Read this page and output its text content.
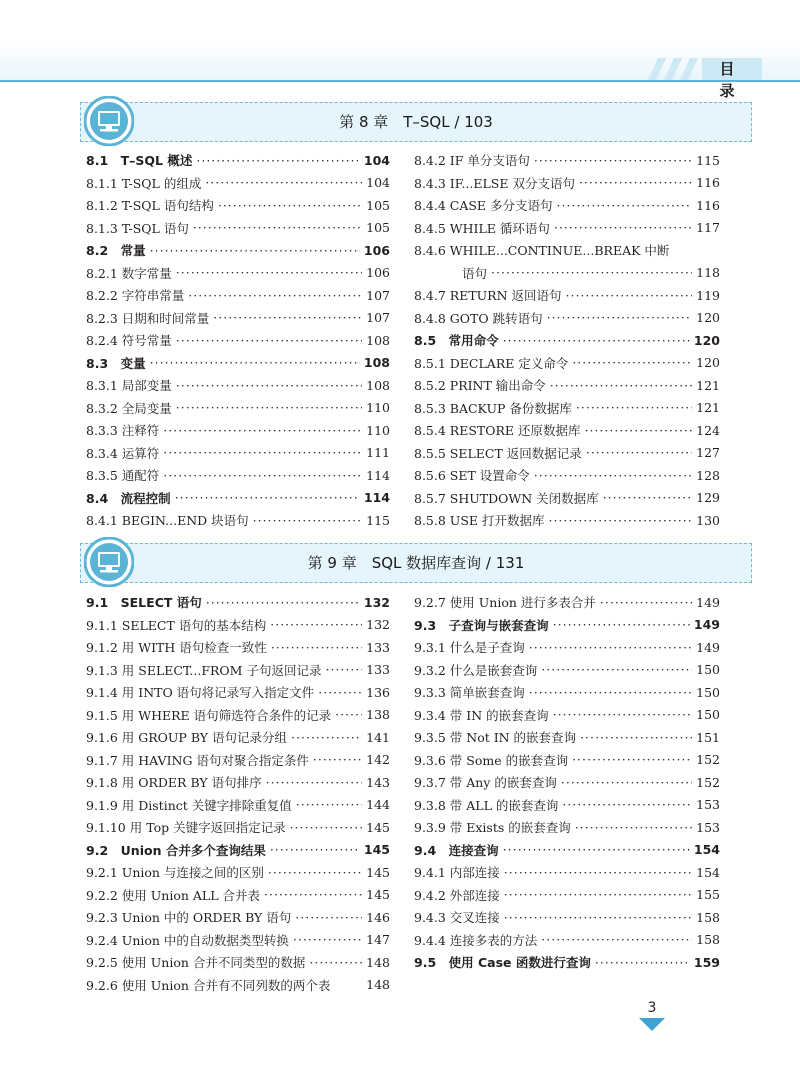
目 录
第 8 章　T–SQL / 103
8.1　T–SQL 概述 ·····	104
8.1.1 T-SQL 的组成 ·····	104
8.1.2 T-SQL 语句结构 ·····	105
8.1.3 T-SQL 语句 ·····	105
8.2　常量 ·····	106
8.2.1 数字常量 ·····	106
8.2.2 字符串常量 ·····	107
8.2.3 日期和时间常量 ·····	107
8.2.4 符号常量 ·····	108
8.3　变量 ·····	108
8.3.1 局部变量 ·····	108
8.3.2 全局变量 ·····	110
8.3.3 注释符 ·····	110
8.3.4 运算符 ·····	111
8.3.5 通配符 ·····	114
8.4　流程控制 ·····	114
8.4.1 BEGIN...END 块语句 ·····	115
8.4.2 IF 单分支语句 ·····	115
8.4.3 IF...ELSE 双分支语句 ·····	116
8.4.4 CASE 多分支语句 ·····	116
8.4.5 WHILE 循环语句 ·····	117
8.4.6 WHILE...CONTINUE...BREAK 中断
语句 ·····	118
8.4.7 RETURN 返回语句 ·····	119
8.4.8 GOTO 跳转语句 ·····	120
8.5　常用命令 ·····	120
8.5.1 DECLARE 定义命令 ·····	120
8.5.2 PRINT 输出命令 ·····	121
8.5.3 BACKUP 备份数据库 ·····	121
8.5.4 RESTORE 还原数据库 ·····	124
8.5.5 SELECT 返回数据记录 ·····	127
8.5.6 SET 设置命令 ·····	128
8.5.7 SHUTDOWN 关闭数据库 ·····	129
8.5.8 USE 打开数据库 ·····	130
第 9 章　SQL 数据库查询 / 131
9.1　SELECT 语句 ·····	132
9.1.1 SELECT 语句的基本结构 ·····	132
9.1.2 用 WITH 语句检查一致性 ·····	133
9.1.3 用 SELECT...FROM 子句返回记录 ·····	133
9.1.4 用 INTO 语句将记录写入指定文件 ·····	136
9.1.5 用 WHERE 语句筛选符合条件的记录 ·····	138
9.1.6 用 GROUP BY 语句记录分组 ·····	141
9.1.7 用 HAVING 语句对聚合指定条件 ·····	142
9.1.8 用 ORDER BY 语句排序 ·····	143
9.1.9 用 Distinct 关键字排除重复值 ·····	144
9.1.10 用 Top 关键字返回指定记录 ·····	145
9.2　Union 合并多个查询结果 ·····	145
9.2.1 Union 与连接之间的区别 ·····	145
9.2.2 使用 Union ALL 合并表 ·····	145
9.2.3 Union 中的 ORDER BY 语句 ·····	146
9.2.4 Union 中的自动数据类型转换 ·····	147
9.2.5 使用 Union 合并不同类型的数据 ·····	148
9.2.6 使用 Union 合并有不同列数的两个表	148
9.2.7 使用 Union 进行多表合并 ·····	149
9.3　子查询与嵌套查询 ·····	149
9.3.1 什么是子查询 ·····	149
9.3.2 什么是嵌套查询 ·····	150
9.3.3 简单嵌套查询 ·····	150
9.3.4 带 IN 的嵌套查询 ·····	150
9.3.5 带 Not IN 的嵌套查询 ·····	151
9.3.6 带 Some 的嵌套查询 ·····	152
9.3.7 带 Any 的嵌套查询 ·····	152
9.3.8 带 ALL 的嵌套查询 ·····	153
9.3.9 带 Exists 的嵌套查询 ·····	153
9.4　连接查询 ·····	154
9.4.1 内部连接 ·····	154
9.4.2 外部连接 ·····	155
9.4.3 交叉连接 ·····	158
9.4.4 连接多表的方法 ·····	158
9.5　使用 Case 函数进行查询 ·····	159
3
